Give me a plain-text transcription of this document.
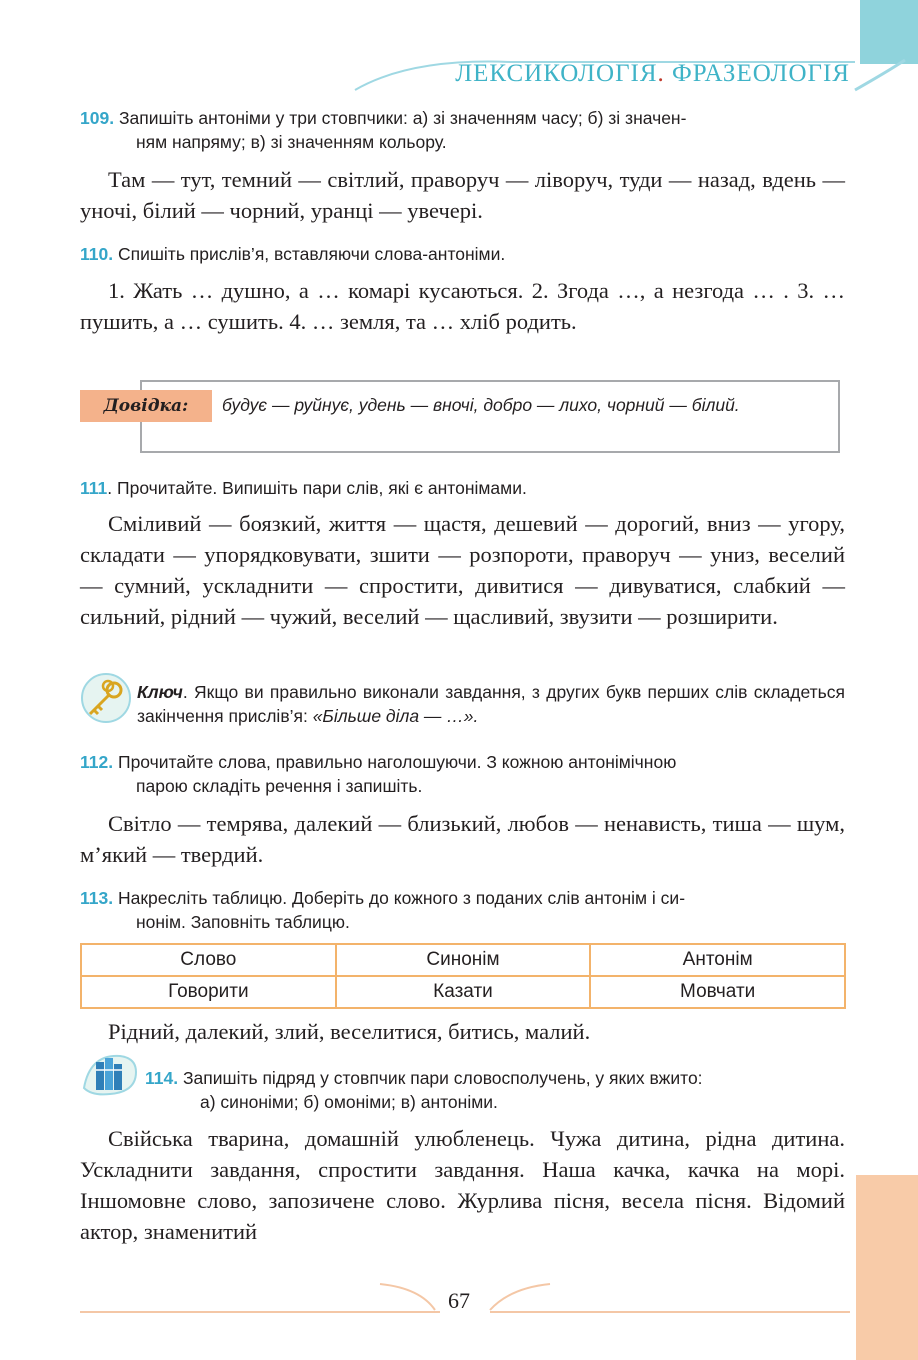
ЛЕКСИКОЛОГІЯ. ФРАЗЕОЛОГІЯ
109. Запишіть антоніми у три стовпчики: а) зі значенням часу; б) зі значен-
ням напряму; в) зі значенням кольору.
Там — тут, темний — світлий, праворуч — ліворуч, туди — назад, вдень — уночі, білий — чорний, уранці — увечері.
110. Спишіть прислів’я, вставляючи слова-антоніми.
1. Жать … душно, а … комарі кусаються. 2. Згода …, а незгода … . 3. … пушить, а … сушить. 4. … земля, та … хліб родить.
Довідка:	будує — руйнує, удень — вночі, добро — лихо, чорний — білий.
111. Прочитайте. Випишіть пари слів, які є антонімами.
Сміливий — боязкий, життя — щастя, дешевий — дорогий, вниз — угору, складати — упорядковувати, зшити — розпороти, праворуч — униз, веселий — сумний, ускладнити — спростити, дивитися — дивуватися, слабкий — сильний, рідний — чужий, веселий — щасливий, звузити — розширити.
Ключ. Якщо ви правильно виконали завдання, з других букв перших слів складеться закінчення прислів’я: «Більше діла — …».
112. Прочитайте слова, правильно наголошуючи. З кожною антонімічною
парою складіть речення і запишіть.
Світло — темрява, далекий — близький, любов — ненависть, тиша — шум, м’який — твердий.
113. Накресліть таблицю. Доберіть до кожного з поданих слів антонім і си-
нонім. Заповніть таблицю.
Слово	Синонім	Антонім
Говорити	Казати	Мовчати
Рідний, далекий, злий, веселитися, битись, малий.
114. Запишіть підряд у стовпчик пари словосполучень, у яких вжито:
а) синоніми; б) омоніми; в) антоніми.
Свійська тварина, домашній улюбленець. Чужа дитина, рідна дитина. Ускладнити завдання, спростити завдання. Наша качка, качка на морі. Іншомовне слово, запозичене слово. Журлива пісня, весела пісня. Відомий актор, знаменитий
67
